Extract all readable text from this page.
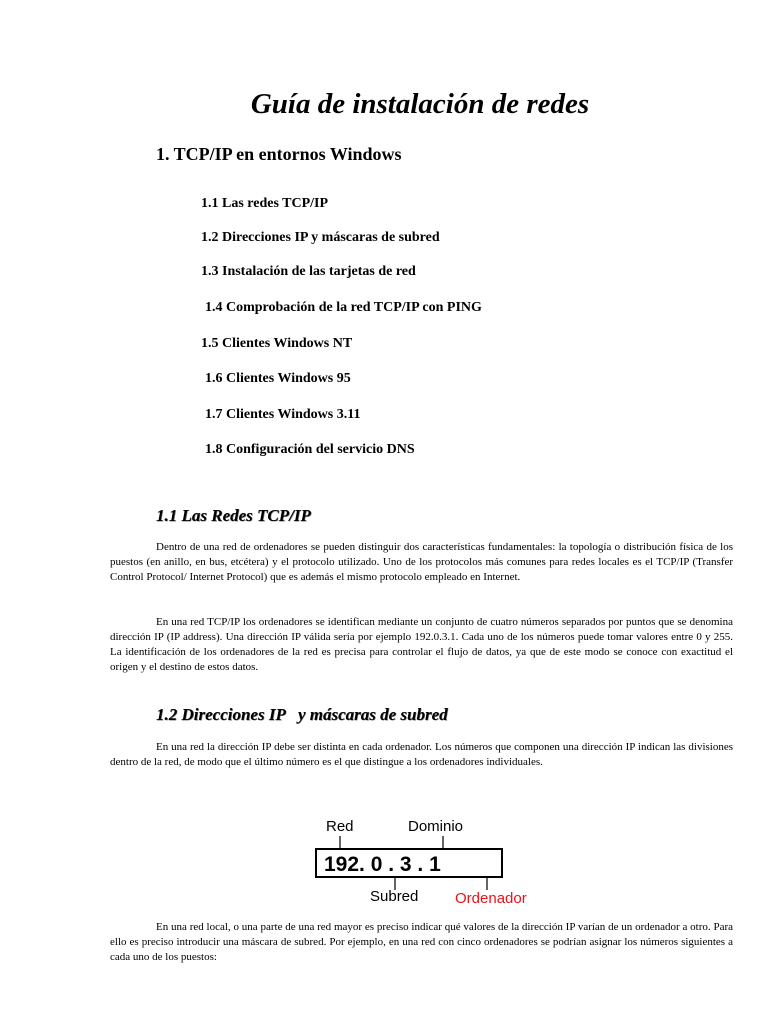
Guía de instalación de redes
1. TCP/IP en entornos Windows
1.1 Las redes TCP/IP
1.2 Direcciones IP y máscaras de subred
1.3 Instalación de las tarjetas de red
1.4 Comprobación de la red TCP/IP con PING
1.5 Clientes Windows NT
1.6 Clientes Windows 95
1.7 Clientes Windows 3.11
1.8 Configuración del servicio DNS
1.1 Las Redes TCP/IP

Dentro de una red de ordenadores se pueden distinguir dos características fundamentales: la topología o distribución física de los puestos (en anillo, en bus, etcétera) y el protocolo utilizado. Uno de los protocolos más comunes para redes locales es el TCP/IP (Transfer Control Protocol/ Internet Protocol) que es además el mismo protocolo empleado en Internet.

En una red TCP/IP los ordenadores se identifican mediante un conjunto de cuatro números separados por puntos que se denomina dirección IP (IP address). Una dirección IP válida sería por ejemplo 192.0.3.1. Cada uno de los números puede tomar valores entre 0 y 255. La identificación de los ordenadores de la red es precisa para controlar el flujo de datos, ya que de este modo se conoce con exactitud el origen y el destino de estos datos.

1.2 Direcciones IP   y máscaras de subred

En una red la dirección IP debe ser distinta en cada ordenador. Los números que componen una dirección IP indican las divisiones dentro de la red, de modo que el último número es el que distingue a los ordenadores individuales.

Red	Dominio
192. 0 . 3 . 1
Subred Ordenador

En una red local, o una parte de una red mayor es preciso indicar qué valores de la dirección IP varían de un ordenador a otro. Para ello es preciso introducir una máscara de subred. Por ejemplo, en una red con cinco ordenadores se podrían asignar los números siguientes a cada uno de los puestos:
